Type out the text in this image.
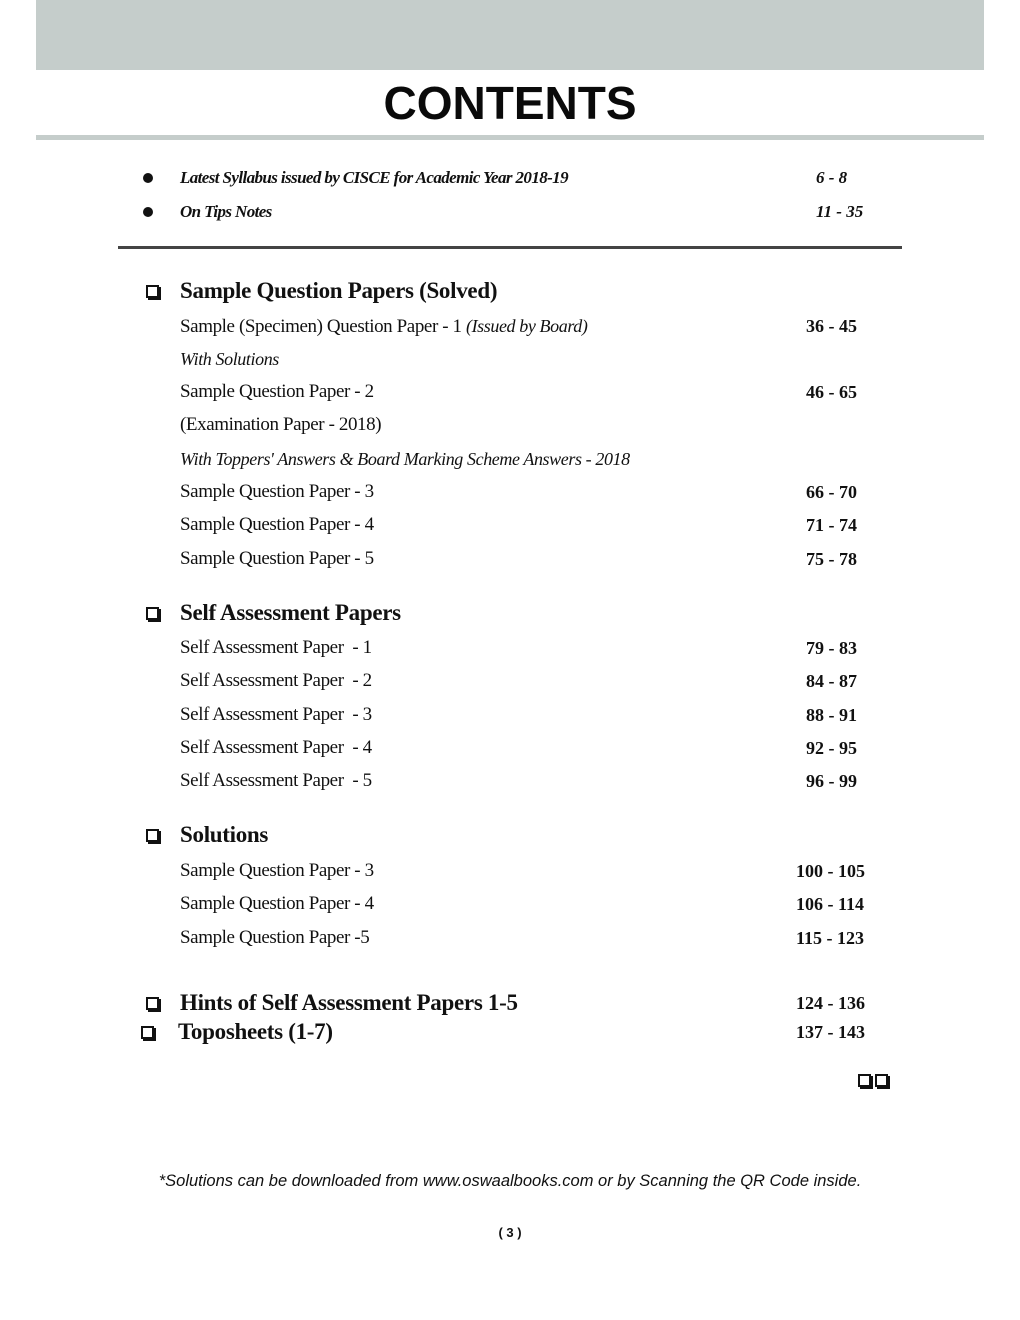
CONTENTS
Latest Syllabus issued by CISCE for Academic Year 2018-19	6 - 8
On Tips Notes	11 - 35
Sample Question Papers (Solved)
Sample (Specimen) Question Paper - 1 (Issued by Board)	36 - 45
With Solutions
Sample Question Paper - 2	46 - 65
(Examination Paper - 2018)
With Toppers' Answers & Board Marking Scheme Answers - 2018
Sample Question Paper - 3	66 - 70
Sample Question Paper - 4	71 - 74
Sample Question Paper - 5	75 - 78
Self Assessment Papers
Self Assessment Paper  - 1	79 - 83
Self Assessment Paper  - 2	84 - 87
Self Assessment Paper  - 3	88 - 91
Self Assessment Paper  - 4	92 - 95
Self Assessment Paper  - 5	96 - 99
Solutions
Sample Question Paper - 3	100 - 105
Sample Question Paper - 4	106 - 114
Sample Question Paper -5	115 - 123
Hints of Self Assessment Papers 1-5	124 - 136
Toposheets (1-7)	137 - 143
*Solutions can be downloaded from www.oswaalbooks.com or by Scanning the QR Code inside.
( 3 )
